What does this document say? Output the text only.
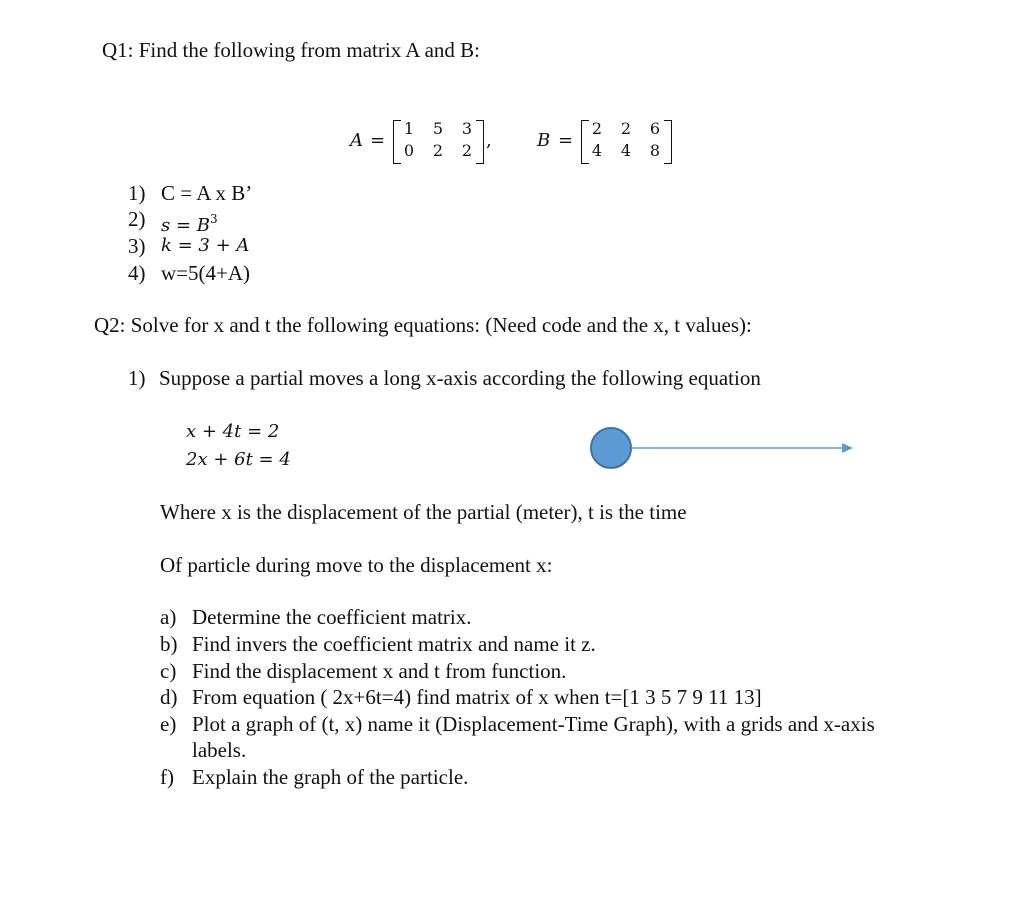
Q1: Find the following from matrix A and B:
A =
1	5	3
0	2	2 ,	B =
2	2	6
4	4	8
1) C = A x B’
2) $s = B^3$
3) k = 3 + A
4) w=5(4+A)
Q2: Solve for x and t the following equations: (Need code and the x, t values):
1) Suppose a partial moves a long x-axis according the following equation
x + 4t = 2
2x + 6t = 4
Where x is the displacement of the partial (meter), t is the time
Of particle during move to the displacement x:
a) Determine the coefficient matrix.
b) Find invers the coefficient matrix and name it z.
c) Find the displacement x and t from function.
d) From equation ( 2x+6t=4) find matrix of x when t=[1 3 5 7 9 11 13]
e) Plot a graph of (t, x) name it (Displacement-Time Graph), with a grids and x-axis
labels.
f) Explain the graph of the particle.
